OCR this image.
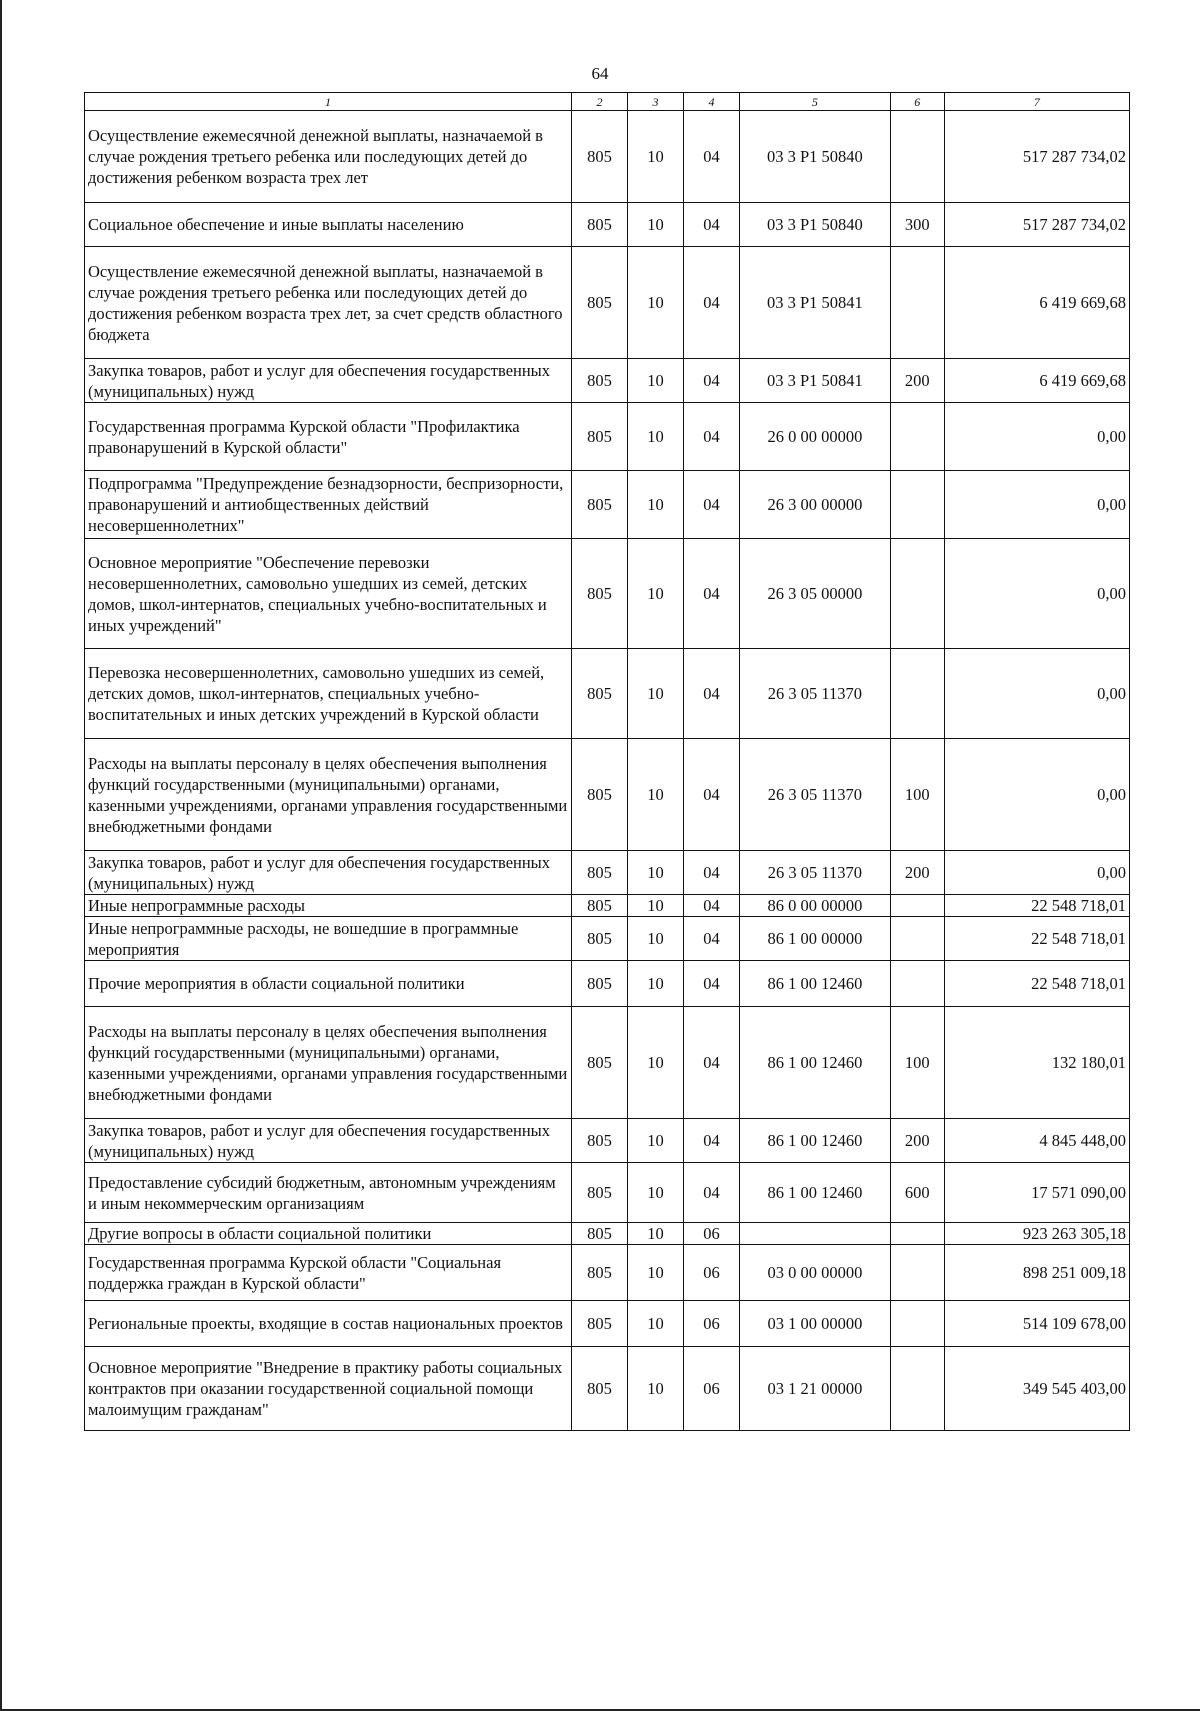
64
1	2	3	4	5	6	7
Осуществление ежемесячной денежной выплаты, назначаемой в случае рождения третьего ребенка или последующих детей до достижения ребенком возраста трех лет	805	10	04	03 3 P1 50840		517 287 734,02
Социальное обеспечение и иные выплаты населению	805	10	04	03 3 P1 50840	300	517 287 734,02
Осуществление ежемесячной денежной выплаты, назначаемой в случае рождения третьего ребенка или последующих детей до достижения ребенком возраста трех лет, за счет средств областного бюджета	805	10	04	03 3 P1 50841		6 419 669,68
Закупка товаров, работ и услуг для обеспечения государственных (муниципальных) нужд	805	10	04	03 3 P1 50841	200	6 419 669,68
Государственная программа Курской области "Профилактика правонарушений в Курской области"	805	10	04	26 0 00 00000		0,00
Подпрограмма "Предупреждение безнадзорности, беспризорности, правонарушений и антиобщественных действий несовершеннолетних"	805	10	04	26 3 00 00000		0,00
Основное мероприятие "Обеспечение перевозки несовершеннолетних, самовольно ушедших из семей, детских домов, школ-интернатов, специальных учебно-воспитательных и иных учреждений"	805	10	04	26 3 05 00000		0,00
Перевозка несовершеннолетних, самовольно ушедших из семей, детских домов, школ-интернатов, специальных учебно-воспитательных и иных детских учреждений в Курской области	805	10	04	26 3 05 11370		0,00
Расходы на выплаты персоналу в целях обеспечения выполнения функций государственными (муниципальными) органами, казенными учреждениями, органами управления государственными внебюджетными фондами	805	10	04	26 3 05 11370	100	0,00
Закупка товаров, работ и услуг для обеспечения государственных (муниципальных) нужд	805	10	04	26 3 05 11370	200	0,00
Иные непрограммные расходы	805	10	04	86 0 00 00000		22 548 718,01
Иные непрограммные расходы, не вошедшие в программные мероприятия	805	10	04	86 1 00 00000		22 548 718,01
Прочие мероприятия в области социальной политики	805	10	04	86 1 00 12460		22 548 718,01
Расходы на выплаты персоналу в целях обеспечения выполнения функций государственными (муниципальными) органами, казенными учреждениями, органами управления государственными внебюджетными фондами	805	10	04	86 1 00 12460	100	132 180,01
Закупка товаров, работ и услуг для обеспечения государственных (муниципальных) нужд	805	10	04	86 1 00 12460	200	4 845 448,00
Предоставление субсидий бюджетным, автономным учреждениям и иным некоммерческим организациям	805	10	04	86 1 00 12460	600	17 571 090,00
Другие вопросы в области социальной политики	805	10	06			923 263 305,18
Государственная программа Курской области "Социальная поддержка граждан в Курской области"	805	10	06	03 0 00 00000		898 251 009,18
Региональные проекты, входящие в состав национальных проектов	805	10	06	03 1 00 00000		514 109 678,00
Основное мероприятие "Внедрение в практику работы социальных контрактов при оказании государственной социальной помощи малоимущим гражданам"	805	10	06	03 1 21 00000		349 545 403,00
